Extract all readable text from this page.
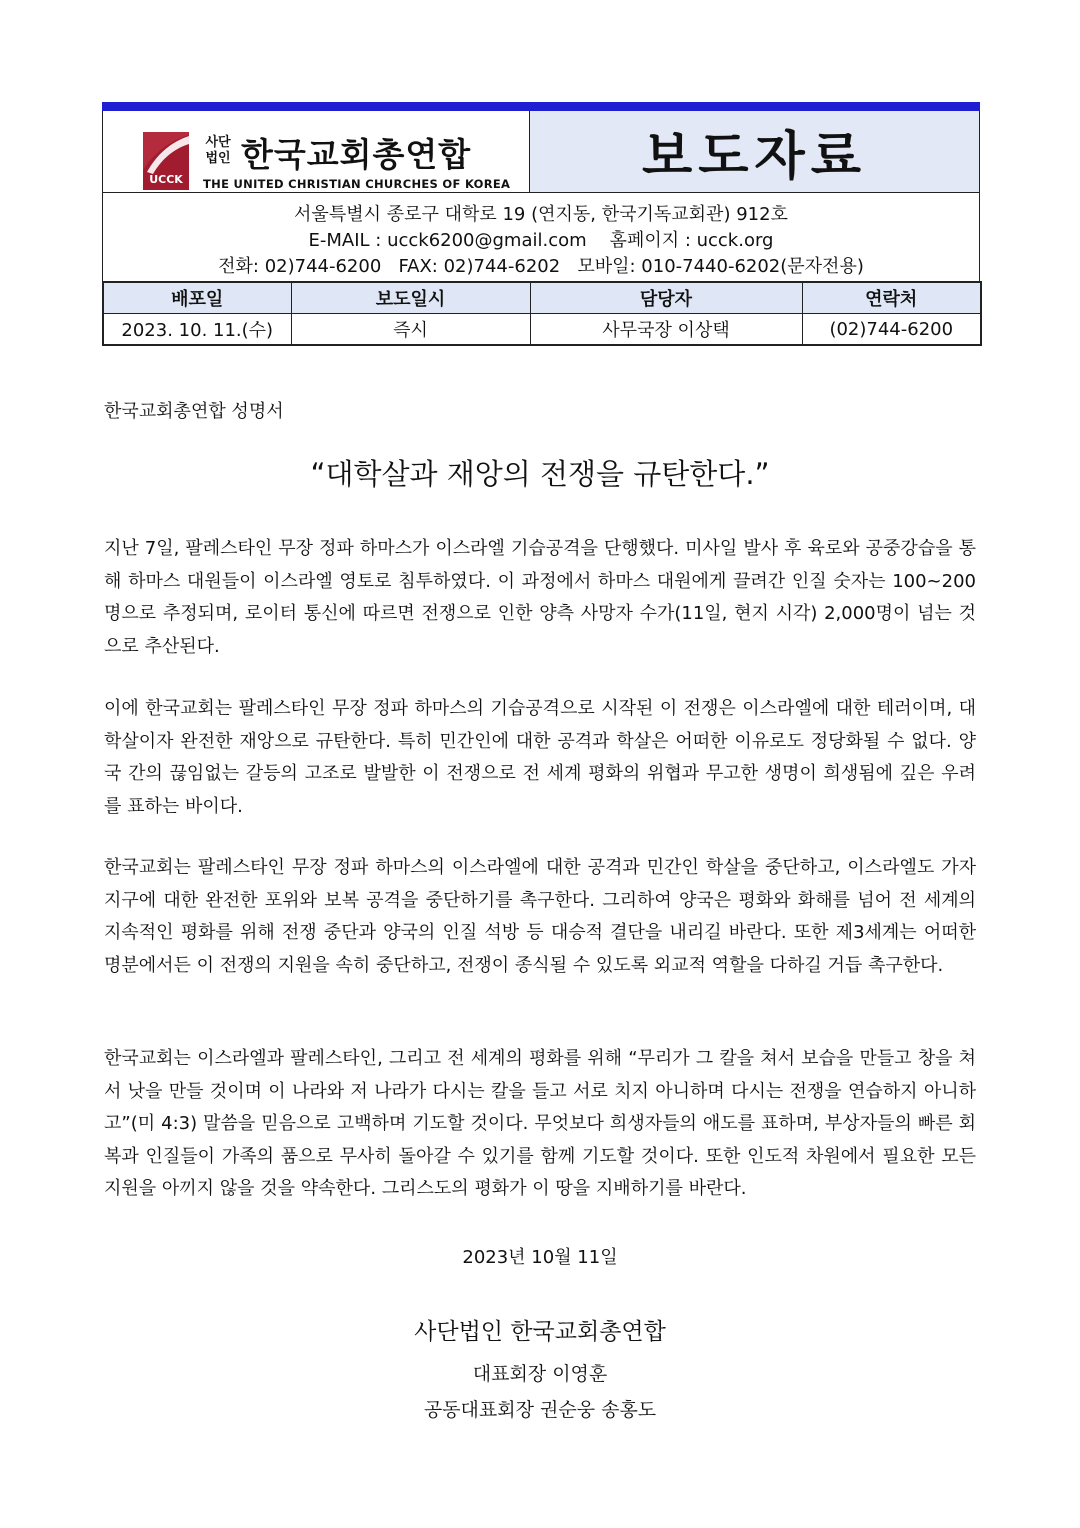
UCCK
사단법인 한국교회총연합
THE UNITED CHRISTIAN CHURCHES OF KOREA	보도자료
서울특별시 종로구 대학로 19 (연지동, 한국기독교회관) 912호
E-MAIL : ucck6200@gmail.com    홈페이지 : ucck.org
전화: 02)744-6200   FAX: 02)744-6202   모바일: 010-7440-6202(문자전용)
배포일	보도일시	담당자	연락처
2023. 10. 11.(수)	즉시	사무국장 이상택	(02)744-6200
한국교회총연합 성명서
“대학살과 재앙의 전쟁을 규탄한다.”

지난 7일, 팔레스타인 무장 정파 하마스가 이스라엘 기습공격을 단행했다. 미사일 발사 후 육로와 공중강습을 통해 하마스 대원들이 이스라엘 영토로 침투하였다. 이 과정에서 하마스 대원에게 끌려간 인질 숫자는 100~200명으로 추정되며, 로이터 통신에 따르면 전쟁으로 인한 양측 사망자 수가(11일, 현지 시각) 2,000명이 넘는 것으로 추산된다.

이에 한국교회는 팔레스타인 무장 정파 하마스의 기습공격으로 시작된 이 전쟁은 이스라엘에 대한 테러이며, 대학살이자 완전한 재앙으로 규탄한다. 특히 민간인에 대한 공격과 학살은 어떠한 이유로도 정당화될 수 없다. 양국 간의 끊임없는 갈등의 고조로 발발한 이 전쟁으로 전 세계 평화의 위협과 무고한 생명이 희생됨에 깊은 우려를 표하는 바이다.

한국교회는 팔레스타인 무장 정파 하마스의 이스라엘에 대한 공격과 민간인 학살을 중단하고, 이스라엘도 가자지구에 대한 완전한 포위와 보복 공격을 중단하기를 촉구한다. 그리하여 양국은 평화와 화해를 넘어 전 세계의 지속적인 평화를 위해 전쟁 중단과 양국의 인질 석방 등 대승적 결단을 내리길 바란다. 또한 제3세계는 어떠한 명분에서든 이 전쟁의 지원을 속히 중단하고, 전쟁이 종식될 수 있도록 외교적 역할을 다하길 거듭 촉구한다.

한국교회는 이스라엘과 팔레스타인, 그리고 전 세계의 평화를 위해 “무리가 그 칼을 쳐서 보습을 만들고 창을 쳐서 낫을 만들 것이며 이 나라와 저 나라가 다시는 칼을 들고 서로 치지 아니하며 다시는 전쟁을 연습하지 아니하고”(미 4:3) 말씀을 믿음으로 고백하며 기도할 것이다. 무엇보다 희생자들의 애도를 표하며, 부상자들의 빠른 회복과 인질들이 가족의 품으로 무사히 돌아갈 수 있기를 함께 기도할 것이다. 또한 인도적 차원에서 필요한 모든 지원을 아끼지 않을 것을 약속한다. 그리스도의 평화가 이 땅을 지배하기를 바란다.

2023년 10월 11일
사단법인 한국교회총연합
대표회장 이영훈
공동대표회장 권순웅 송홍도
